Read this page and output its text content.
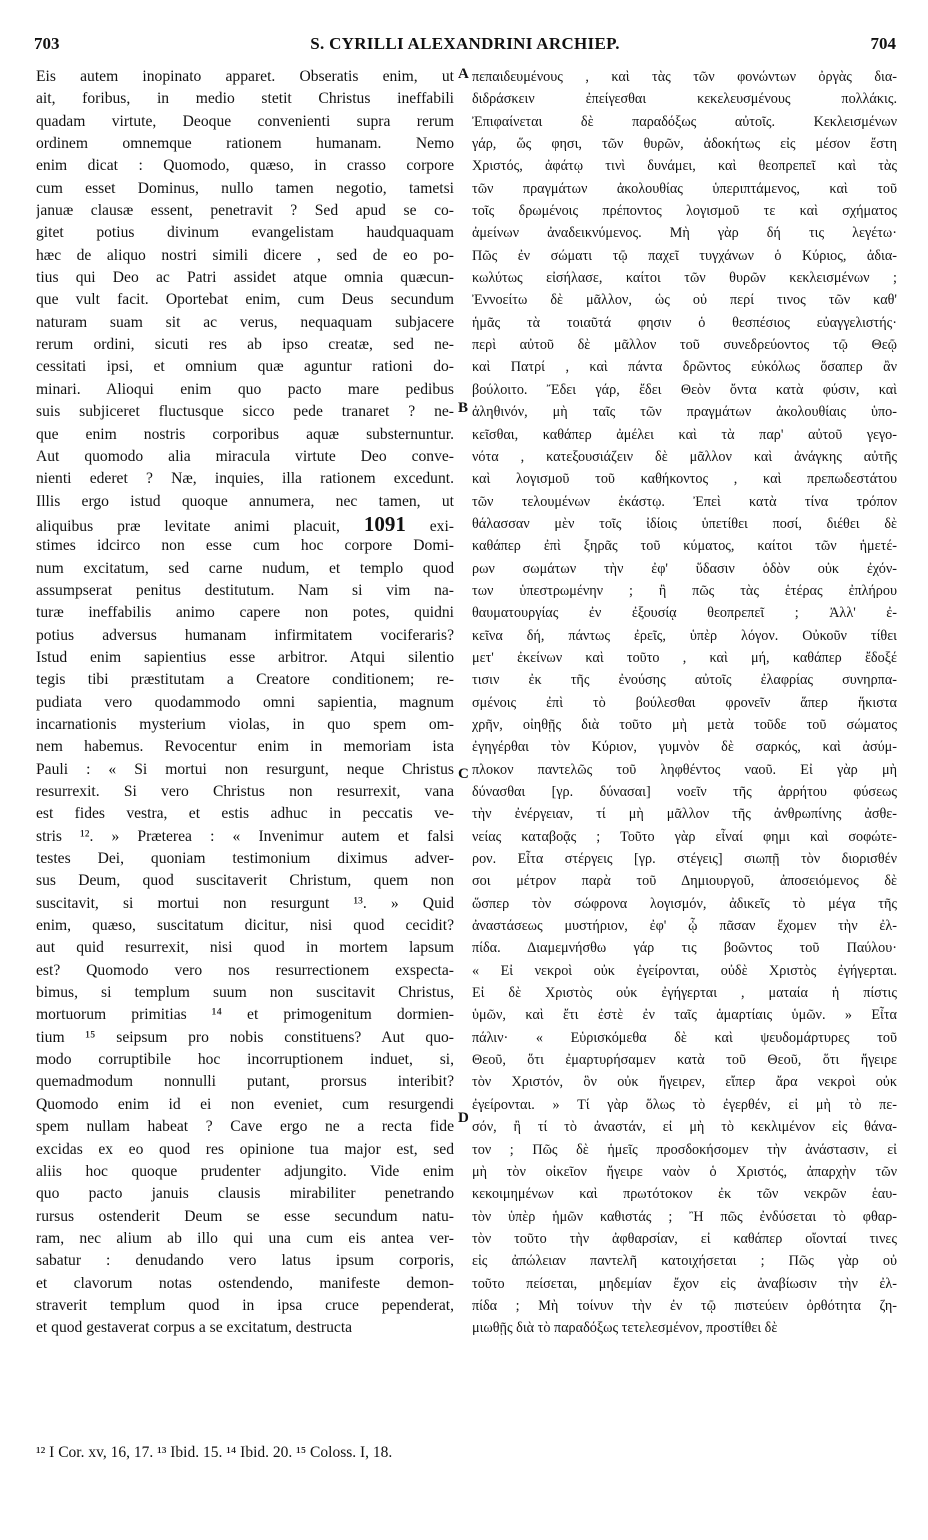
703	S. CYRILLI ALEXANDRINI ARCHIEP.	704
Eis autem inopinato apparet. Obseratis enim, ut
ait, foribus, in medio stetit Christus ineffabili
quadam virtute, Deoque convenienti supra rerum
ordinem omnemque rationem humanam. Nemo
enim dicat : Quomodo, quæso, in crasso corpore
cum esset Dominus, nullo tamen negotio, tametsi
januæ clausæ essent, penetravit ? Sed apud se co-
gitet potius divinum evangelistam haudquaquam
hæc de aliquo nostri simili dicere , sed de eo po-
tius qui Deo ac Patri assidet atque omnia quæcun-
que vult facit. Oportebat enim, cum Deus secundum
naturam suam sit ac verus, nequaquam subjacere
rerum ordini, sicuti res ab ipso creatæ, sed ne-
cessitati ipsi, et omnium quæ aguntur rationi do-
minari. Alioqui enim quo pacto mare pedibus
suis subjiceret fluctusque sicco pede tranaret ? ne-
que enim nostris corporibus aquæ substernuntur.
Aut quomodo alia miracula virtute Deo conve-
nienti ederet ? Næ, inquies, illa rationem excedunt.
Illis ergo istud quoque annumera, nec tamen, ut
aliquibus præ levitate animi placuit, 1091 exi-
stimes idcirco non esse cum hoc corpore Domi-
num excitatum, sed carne nudum, et templo quod
assumpserat penitus destitutum. Nam si vim na-
turæ ineffabilis animo capere non potes, quidni
potius adversus humanam infirmitatem vociferaris?
Istud enim sapientius esse arbitror. Atqui silentio
tegis tibi præstitutam a Creatore conditionem; re-
pudiata vero quodammodo omni sapientia, magnum
incarnationis mysterium violas, in quo spem om-
nem habemus. Revocentur enim in memoriam ista
Pauli : « Si mortui non resurgunt, neque Christus
resurrexit. Si vero Christus non resurrexit, vana
est fides vestra, et estis adhuc in peccatis ve-
stris ¹². » Præterea : « Invenimur autem et falsi
testes Dei, quoniam testimonium diximus adver-
sus Deum, quod suscitaverit Christum, quem non
suscitavit, si mortui non resurgunt ¹³. » Quid
enim, quæso, suscitatum dicitur, nisi quod cecidit?
aut quid resurrexit, nisi quod in mortem lapsum
est? Quomodo vero nos resurrectionem exspecta-
bimus, si templum suum non suscitavit Christus,
mortuorum primitias ¹⁴ et primogenitum dormien-
tium ¹⁵ seipsum pro nobis constituens? Aut quo-
modo corruptibile hoc incorruptionem induet, si,
quemadmodum nonnulli putant, prorsus interibit?
Quomodo enim id ei non eveniet, cum resurgendi
spem nullam habeat ? Cave ergo ne a recta fide
excidas ex eo quod res opinione tua major est, sed
aliis hoc quoque prudenter adjungito. Vide enim
quo pacto januis clausis mirabiliter penetrando
rursus ostenderit Deum se esse secundum natu-
ram, nec alium ab illo qui una cum eis antea ver-
sabatur : denudando vero latus ipsum corporis,
et clavorum notas ostendendo, manifeste demon-
straverit templum quod in ipsa cruce pependerat,
et quod gestaverat corpus a se excitatum, destructa
πεπαιδευμένους , καὶ τὰς τῶν φονώντων ὀργὰς δια-
διδράσκειν ἐπείγεσθαι κεκελευσμένους πολλάκις.
Ἐπιφαίνεται δὲ παραδόξως αὐτοῖς. Κεκλεισμένων
γάρ, ὥς φησι, τῶν θυρῶν, ἀδοκήτως εἰς μέσον ἔστη
Χριστός, ἀφάτῳ τινὶ δυνάμει, καὶ θεοπρεπεῖ καὶ τὰς
τῶν πραγμάτων ἀκολουθίας ὑπεριπτάμενος, καὶ τοῦ
τοῖς δρωμένοις πρέποντος λογισμοῦ τε καὶ σχήματος
ἀμείνων ἀναδεικνύμενος. Μὴ γὰρ δή τις λεγέτω·
Πῶς ἐν σώματι τῷ παχεῖ τυγχάνων ὁ Κύριος, ἀδια-
κωλύτως εἰσήλασε, καίτοι τῶν θυρῶν κεκλεισμένων ;
Ἐννοείτω δὲ μᾶλλον, ὡς οὐ περί τινος τῶν καθ'
ἡμᾶς τὰ τοιαῦτά φησιν ὁ θεσπέσιος εὐαγγελιστής·
περὶ αὐτοῦ δὲ μᾶλλον τοῦ συνεδρεύοντος τῷ Θεῷ
καὶ Πατρί , καὶ πάντα δρῶντος εὐκόλως ὅσαπερ ἂν
βούλοιτο. Ἔδει γάρ, ἔδει Θεὸν ὄντα κατὰ φύσιν, καὶ
ἀληθινόν, μὴ ταῖς τῶν πραγμάτων ἀκολουθίαις ὑπο-
κεῖσθαι, καθάπερ ἀμέλει καὶ τὰ παρ' αὐτοῦ γεγο-
νότα , κατεξουσιάζειν δὲ μᾶλλον καὶ ἀνάγκης αὐτῆς
καὶ λογισμοῦ τοῦ καθήκοντος , καὶ πρεπωδεστάτου
τῶν τελουμένων ἑκάστῳ. Ἐπεὶ κατὰ τίνα τρόπον
θάλασσαν μὲν τοῖς ἰδίοις ὑπετίθει ποσί, διέθει δὲ
καθάπερ ἐπὶ ξηρᾶς τοῦ κύματος, καίτοι τῶν ἡμετέ-
ρων σωμάτων τὴν ἐφ' ὕδασιν ὁδὸν οὐκ ἐχόν-
των ὑπεστρωμένην ; ἢ πῶς τὰς ἑτέρας ἐπλήρου
θαυματουργίας ἐν ἐξουσίᾳ θεοπρεπεῖ ; Ἀλλ' ἐ-
κεῖνα δή, πάντως ἐρεῖς, ὑπὲρ λόγον. Οὐκοῦν τίθει
μετ' ἐκείνων καὶ τοῦτο , καὶ μή, καθάπερ ἔδοξέ
τισιν ἐκ τῆς ἐνούσης αὐτοῖς ἐλαφρίας συνηρπα-
σμένοις ἐπὶ τὸ βούλεσθαι φρονεῖν ἅπερ ἥκιστα
χρῆν, οἰηθῇς διὰ τοῦτο μὴ μετὰ τοῦδε τοῦ σώματος
ἐγηγέρθαι τὸν Κύριον, γυμνὸν δὲ σαρκός, καὶ ἀσύμ-
πλοκον παντελῶς τοῦ ληφθέντος ναοῦ. Εἰ γὰρ μὴ
δύνασθαι [γρ. δύνασαι] νοεῖν τῆς ἀρρήτου φύσεως
τὴν ἐνέργειαν, τί μὴ μᾶλλον τῆς ἀνθρωπίνης ἀσθε-
νείας καταβοᾷς ; Τοῦτο γὰρ εἶναί φημι καὶ σοφώτε-
ρον. Εἶτα στέργεις [γρ. στέγεις] σιωπῇ τὸν διορισθέν
σοι μέτρον παρὰ τοῦ Δημιουργοῦ, ἀποσειόμενος δὲ
ὥσπερ τὸν σώφρονα λογισμόν, ἀδικεῖς τὸ μέγα τῆς
ἀναστάσεως μυστήριον, ἐφ' ᾧ πᾶσαν ἔχομεν τὴν ἐλ-
πίδα. Διαμεμνήσθω γάρ τις βοῶντος τοῦ Παύλου·
« Εἰ νεκροὶ οὐκ ἐγείρονται, οὐδὲ Χριστὸς ἐγήγερται.
Εἰ δὲ Χριστὸς οὐκ ἐγήγερται , ματαία ἡ πίστις
ὑμῶν, καὶ ἔτι ἐστὲ ἐν ταῖς ἁμαρτίαις ὑμῶν. » Εἶτα
πάλιν· « Εὑρισκόμεθα δὲ καὶ ψευδομάρτυρες τοῦ
Θεοῦ, ὅτι ἐμαρτυρήσαμεν κατὰ τοῦ Θεοῦ, ὅτι ἤγειρε
τὸν Χριστόν, ὃν οὐκ ἤγειρεν, εἴπερ ἄρα νεκροὶ οὐκ
ἐγείρονται. » Τί γὰρ ὅλως τὸ ἐγερθέν, εἰ μὴ τὸ πε-
σόν, ἢ τί τὸ ἀναστάν, εἰ μὴ τὸ κεκλιμένον εἰς θάνα-
τον ; Πῶς δὲ ἡμεῖς προσδοκήσομεν τὴν ἀνάστασιν, εἰ
μὴ τὸν οἰκεῖον ἤγειρε ναὸν ὁ Χριστός, ἀπαρχὴν τῶν
κεκοιμημένων καὶ πρωτότοκον ἐκ τῶν νεκρῶν ἑαυ-
τὸν ὑπὲρ ἡμῶν καθιστάς ; Ἢ πῶς ἐνδύσεται τὸ φθαρ-
τὸν τοῦτο τὴν ἀφθαρσίαν, εἰ καθάπερ οἴονταί τινες
εἰς ἀπώλειαν παντελῆ κατοιχήσεται ; Πῶς γὰρ οὐ
τοῦτο πείσεται, μηδεμίαν ἔχον εἰς ἀναβίωσιν τὴν ἐλ-
πίδα ; Μὴ τοίνυν τὴν ἐν τῷ πιστεύειν ὀρθότητα ζη-
μιωθῇς διὰ τὸ παραδόξως τετελεσμένον, προστίθει δὲ
A
B
C
D
¹² I Cor. xv, 16, 17. ¹³ Ibid. 15. ¹⁴ Ibid. 20. ¹⁵ Coloss. I, 18.
